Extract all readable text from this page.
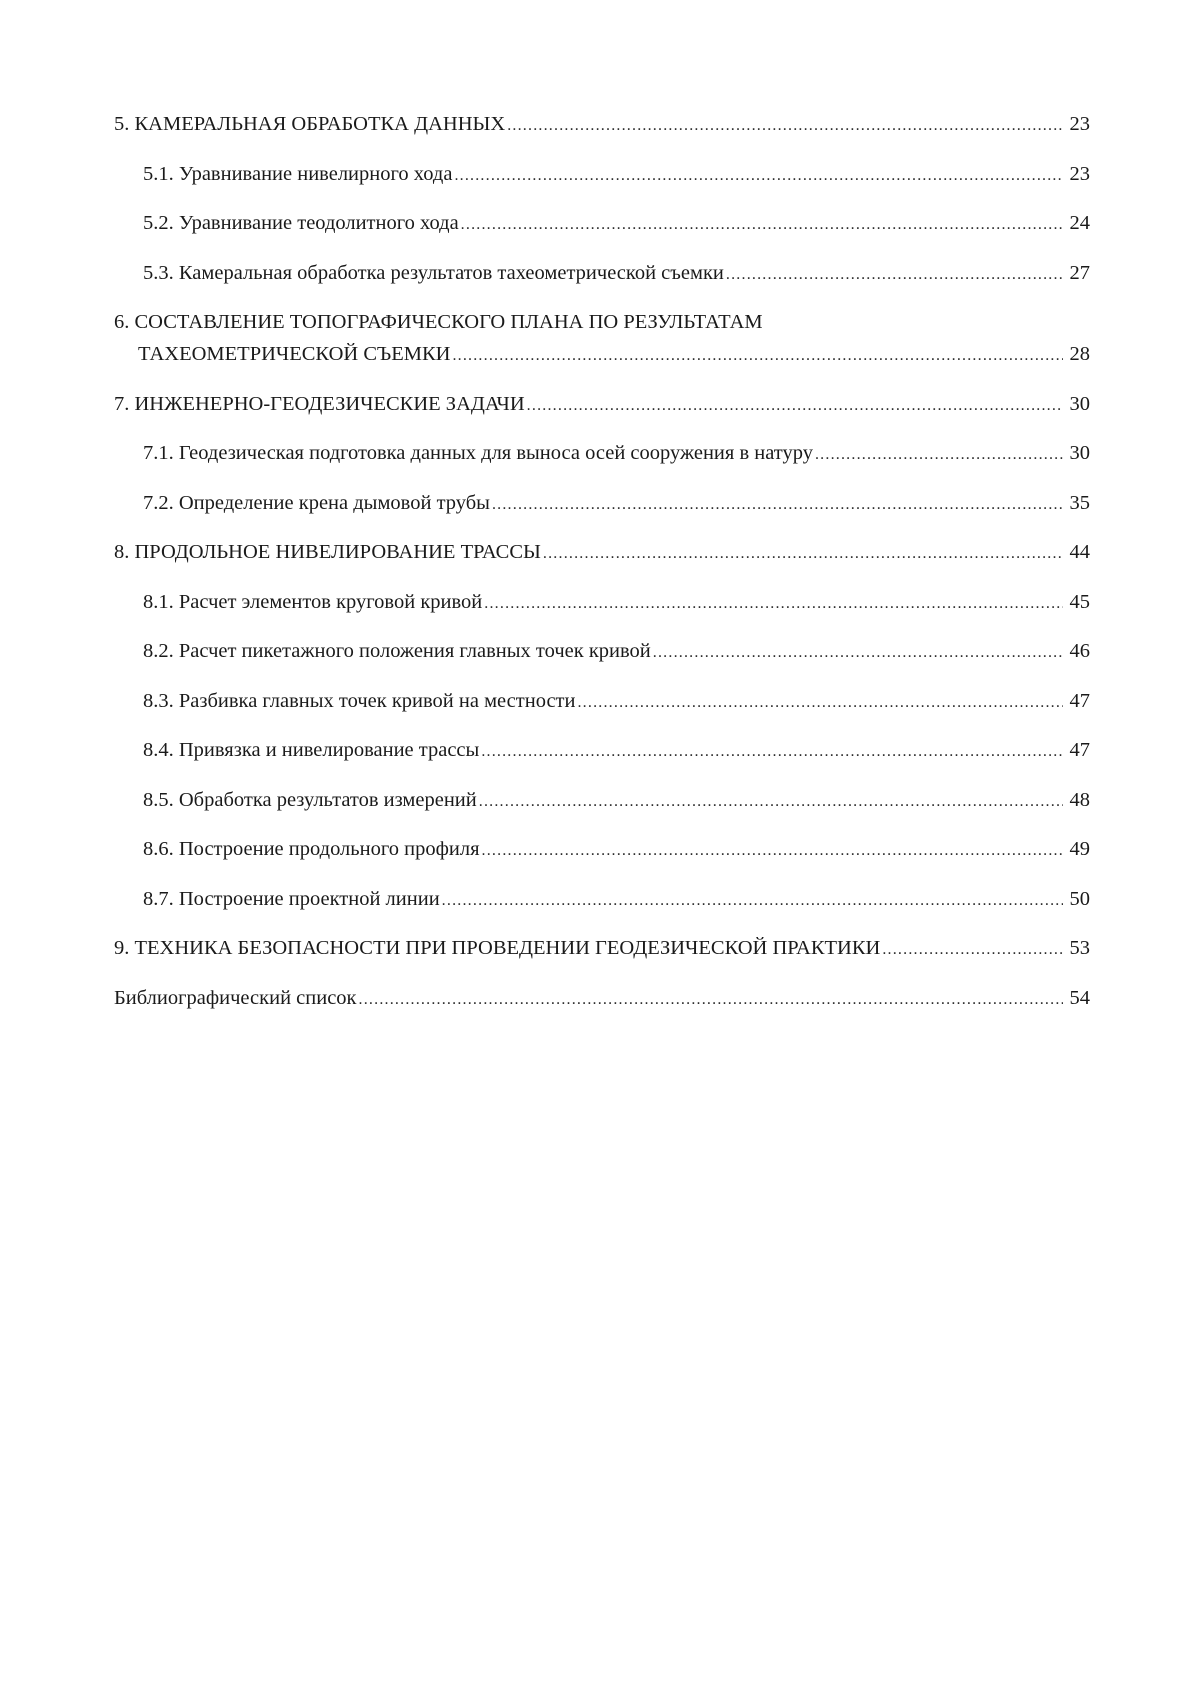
5. КАМЕРАЛЬНАЯ ОБРАБОТКА ДАННЫХ .....	23
5.1. Уравнивание нивелирного хода .....	23
5.2. Уравнивание теодолитного хода .....	24
5.3. Камеральная обработка результатов тахеометрической съемки .....	27
6. СОСТАВЛЕНИЕ ТОПОГРАФИЧЕСКОГО ПЛАНА ПО РЕЗУЛЬТАТАМ
ТАХЕОМЕТРИЧЕСКОЙ СЪЕМКИ .....	28
7. ИНЖЕНЕРНО-ГЕОДЕЗИЧЕСКИЕ ЗАДАЧИ .....	30
7.1. Геодезическая подготовка данных для выноса осей сооружения в натуру .....	30
7.2. Определение крена дымовой трубы .....	35
8. ПРОДОЛЬНОЕ НИВЕЛИРОВАНИЕ ТРАССЫ .....	44
8.1. Расчет элементов круговой кривой .....	45
8.2. Расчет пикетажного положения главных точек кривой .....	46
8.3. Разбивка главных точек кривой на местности .....	47
8.4. Привязка и нивелирование трассы .....	47
8.5. Обработка результатов измерений .....	48
8.6. Построение продольного профиля .....	49
8.7. Построение проектной линии .....	50
9. ТЕХНИКА БЕЗОПАСНОСТИ ПРИ ПРОВЕДЕНИИ ГЕОДЕЗИЧЕСКОЙ ПРАКТИКИ .....	53
Библиографический список .....	54
